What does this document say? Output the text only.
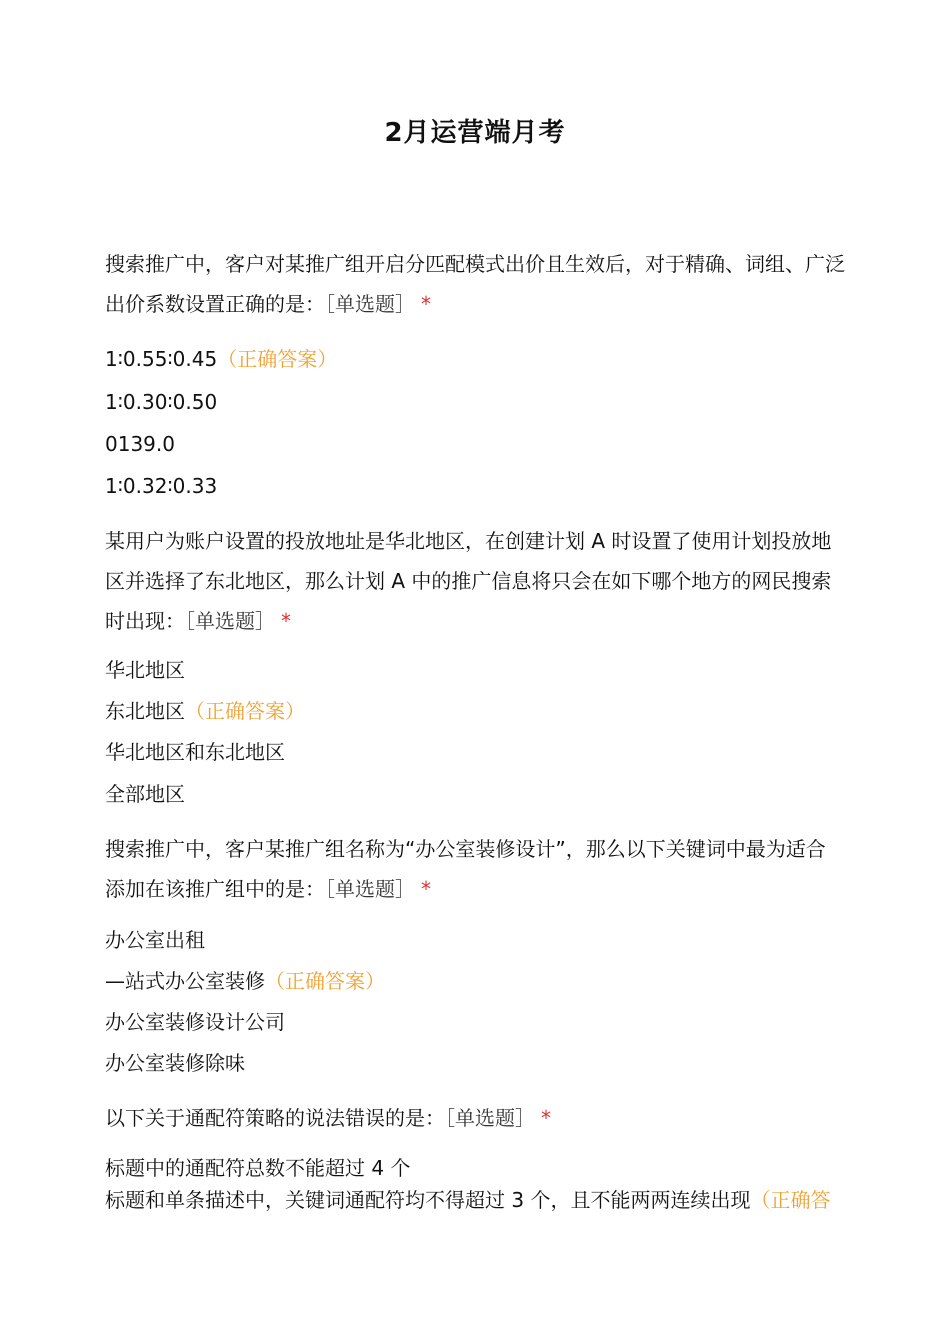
2月运营端月考

搜索推广中，客户对某推广组开启分匹配模式出价且生效后，对于精确、词组、广泛出价系数设置正确的是：［单选题］ *

1∶0.55∶0.45（正确答案）
1∶0.30∶0.50
0139.0
1∶0.32∶0.33

某用户为账户设置的投放地址是华北地区，在创建计划 A 时设置了使用计划投放地区并选择了东北地区，那么计划 A 中的推广信息将只会在如下哪个地方的网民搜索时出现：［单选题］ *

华北地区
东北地区（正确答案）
华北地区和东北地区
全部地区

搜索推广中，客户某推广组名称为“办公室装修设计”，那么以下关键词中最为适合添加在该推广组中的是：［单选题］ *

办公室出租
—站式办公室装修（正确答案）
办公室装修设计公司
办公室装修除味

以下关于通配符策略的说法错误的是：［单选题］ *

标题中的通配符总数不能超过 4 个
标题和单条描述中，关键词通配符均不得超过 3 个，且不能两两连续出现（正确答
